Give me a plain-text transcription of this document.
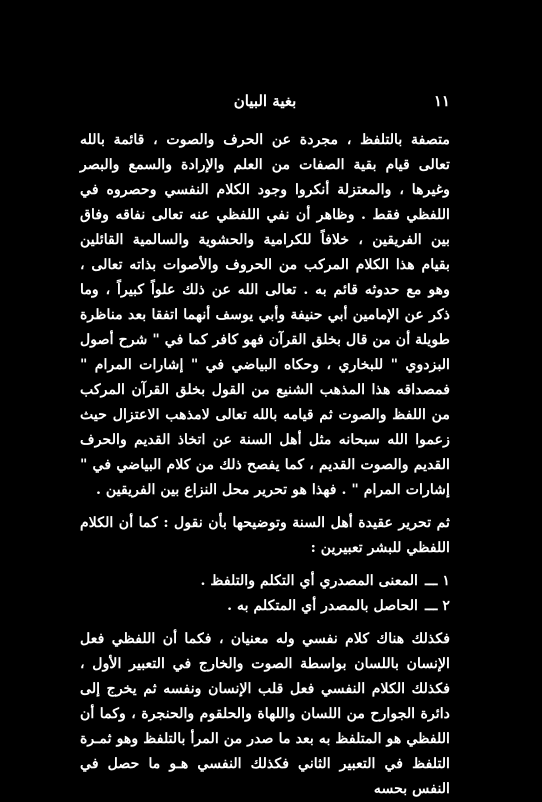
١١
بغية البيان

متصفة بالتلفظ ، مجردة عن الحرف والصوت ، قائمة بالله تعالى قيام بقية الصفات من العلم والإرادة والسمع والبصر وغيرها ، والمعتزلة أنكروا وجود الكلام النفسي وحصروه في اللفظي فقط . وظاهر أن نفي اللفظي عنه تعالى نفاقه وفاق بين الفريقين ، خلافاً للكرامية والحشوية والسالمية القائلين بقيام هذا الكلام المركب من الحروف والأصوات بذاته تعالى ، وهو مع حدوثه قائم به . تعالى الله عن ذلك علواً كبيراً ، وما ذكر عن الإمامين أبي حنيفة وأبي يوسف أنهما اتفقا بعد مناظرة طويلة أن من قال بخلق القرآن فهو كافر كما في " شرح أصول البزدوي " للبخاري ، وحكاه البياضي في " إشارات المرام " فمصداقه هذا المذهب الشنيع من القول بخلق القرآن المركب من اللفظ والصوت ثم قيامه بالله تعالى لامذهب الاعتزال حيث زعموا الله سبحانه مثل أهل السنة عن اتخاذ القديم والحرف القديم والصوت القديم ، كما يفصح ذلك من كلام البياضي في " إشارات المرام " . فهذا هو تحرير محل النزاع بين الفريقين .

ثم تحرير عقيدة أهل السنة وتوضيحها بأن نقول : كما أن الكلام اللفظي للبشر تعبيرين :

١ ـــالمعنى المصدري أي التكلم والتلفظ .

٢ ـــالحاصل بالمصدر أي المتكلم به .

فكذلك هناك كلام نفسي وله معنيان ، فكما أن اللفظي فعل الإنسان باللسان بواسطة الصوت والخارج في التعبير الأول ، فكذلك الكلام النفسي فعل قلب الإنسان ونفسه ثم يخرج إلى دائرة الجوارح من اللسان واللهاة والحلقوم والحنجرة ، وكما أن اللفظي هو المتلفظ به بعد ما صدر من المرأ بالتلفظ وهو ثمـرة التلفظ في التعبير الثاني فكذلك النفسي هـو ما حصل في النفس بحسه
